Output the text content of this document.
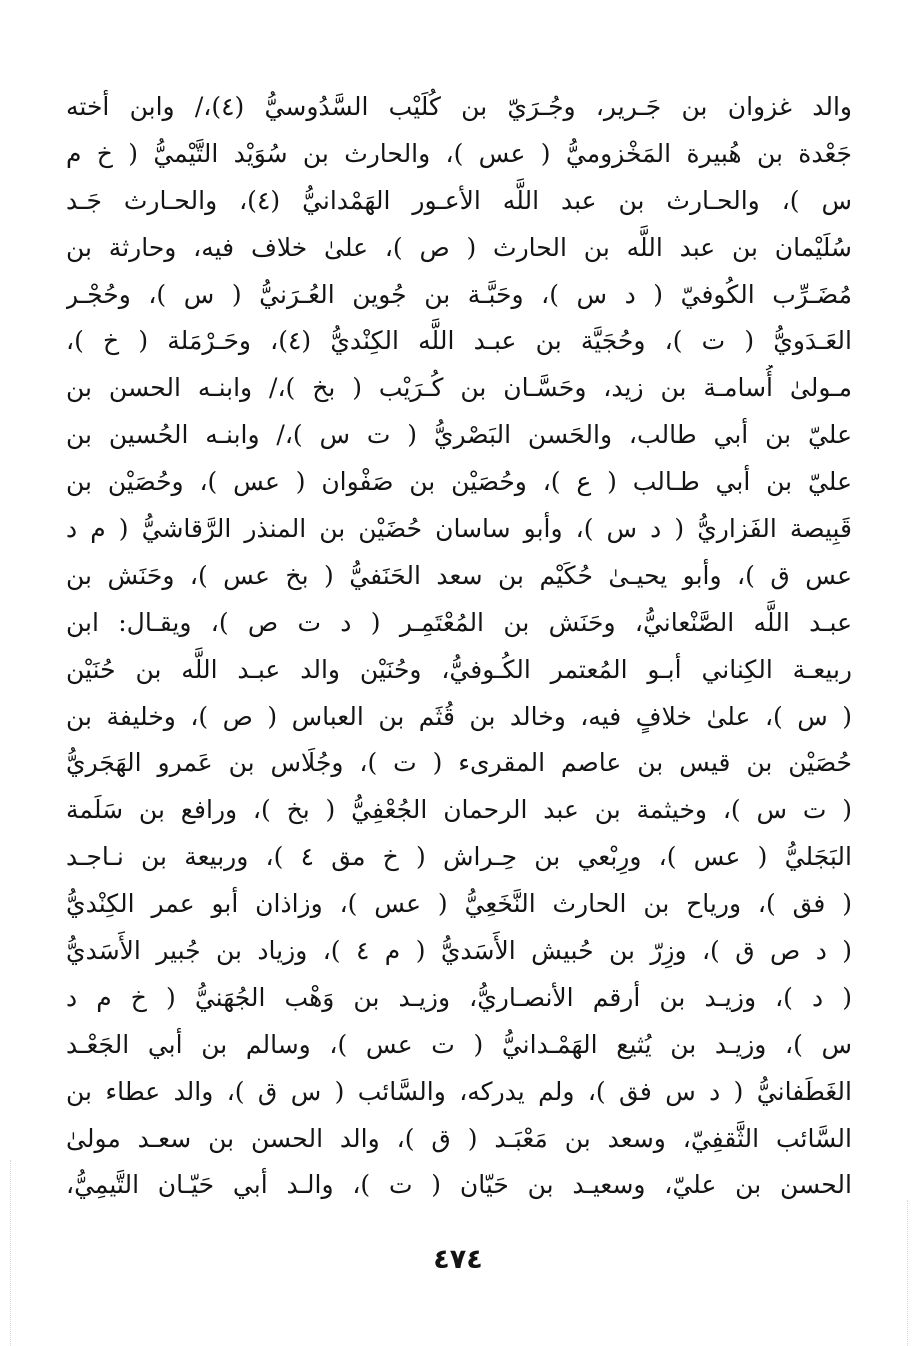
والد غزوان بن جَـرير، وجُـرَيّ بن كُلَيْب السَّدُوسيُّ (٤)،/ وابن أخته
جَعْدة بن هُبيرة المَخْزوميُّ ( عس )، والحارث بن سُوَيْد التَّيْميُّ ( خ م
س )، والحـارث بن عبد اللَّه الأعـور الهَمْدانيُّ (٤)، والحـارث جَـد
سُلَيْمان بن عبد اللَّه بن الحارث ( ص )، علىٰ خلاف فيه، وحارثة بن
مُضَـرِّب الكُوفيّ ( د س )، وحَبَّـة بن جُوين العُـرَنيُّ ( س )، وحُجْـر
العَـدَويُّ ( ت )، وحُجَيَّة بن عبـد اللَّه الكِنْديُّ (٤)، وحَـرْمَلة ( خ )،
مـولىٰ أُسامـة بن زيد، وحَسَّـان بن كُـرَيْب ( بخ )،/ وابنـه الحسن بن
عليّ بن أبي طالب، والحَسن البَصْريُّ ( ت س )،/ وابنـه الحُسين بن
عليّ بن أبي طـالب ( ع )، وحُصَيْن بن صَفْوان ( عس )، وحُصَيْن بن
قَبِيصة الفَزاريُّ ( د س )، وأبو ساسان حُضَيْن بن المنذر الرَّقاشيُّ ( م د
عس ق )، وأبو يحيـىٰ حُكَيْم بن سعد الحَنَفيُّ ( بخ عس )، وحَنَش بن
عبـد اللَّه الصَّنْعانيُّ، وحَنَش بن المُعْتَمِـر ( د ت ص )، ويقـال: ابن
ربيعـة الكِناني أبـو المُعتمر الكُـوفيُّ، وحُنَيْن والد عبـد اللَّه بن حُنَيْن
( س )، علىٰ خلافٍ فيه، وخالد بن قُثَم بن العباس ( ص )، وخليفة بن
حُصَيْن بن قيس بن عاصم المقرىء ( ت )، وجُلَاس بن عَمرو الهَجَريُّ
( ت س )، وخيثمة بن عبد الرحمان الجُعْفِيُّ ( بخ )، ورافع بن سَلَمة
البَجَليُّ ( عس )، ورِبْعي بن حِـراش ( خ مق ٤ )، وربيعة بن نـاجـد
( فق )، ورياح بن الحارث النَّخَعِيُّ ( عس )، وزاذان أبو عمر الكِنْديُّ
( د ص ق )، وزِرّ بن حُبيش الأَسَديُّ ( م ٤ )، وزياد بن جُبير الأَسَديُّ
( د )، وزيـد بن أرقم الأنصـاريُّ، وزيـد بن وَهْب الجُهَنيُّ ( خ م د
س )، وزيـد بن يُثيع الهَمْـدانيُّ ( ت عس )، وسالم بن أبي الجَعْـد
الغَطَفانيُّ ( د س فق )، ولم يدركه، والسَّائب ( س ق )، والد عطاء بن
السَّائب الثَّقفِيّ، وسعد بن مَعْبَـد ( ق )، والد الحسن بن سعـد مولىٰ
الحسن بن عليّ، وسعيـد بن حَيّان ( ت )، والـد أبي حَيّـان التَّيمِيُّ،
٤٧٤
